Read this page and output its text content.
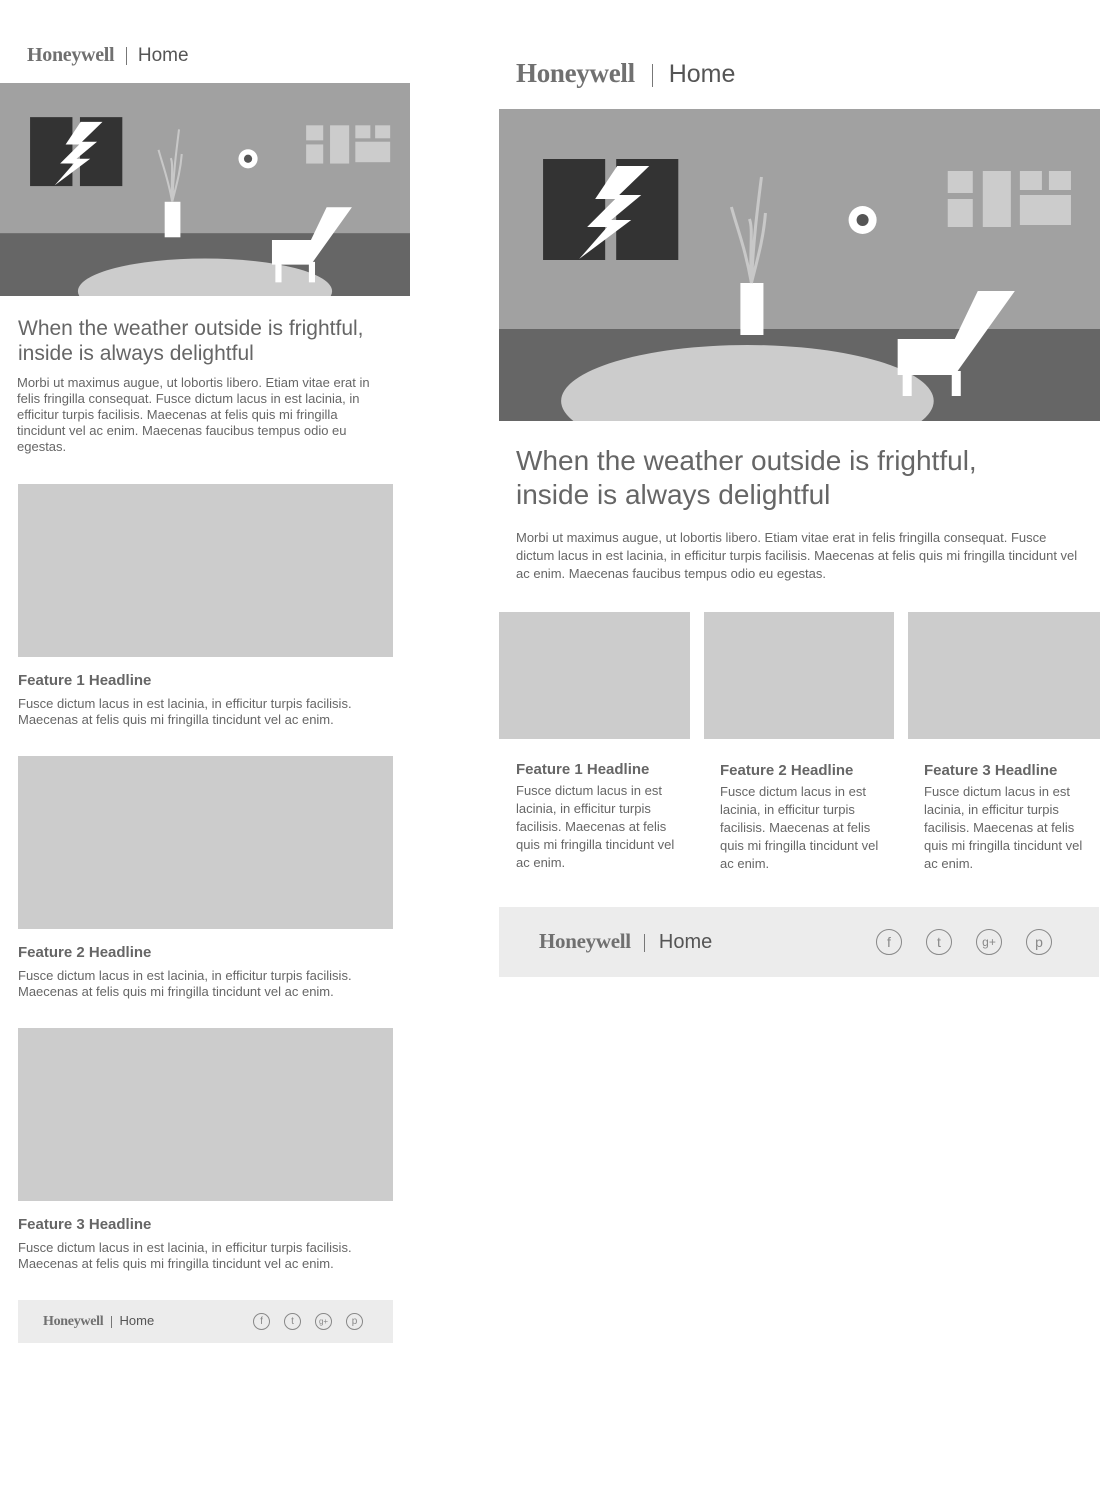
Honeywell Home
When the weather outside is frightful,
inside is always delightful

Morbi ut maximus augue, ut lobortis libero. Etiam vitae erat in felis fringilla consequat. Fusce dictum lacus in est lacinia, in efficitur turpis facilisis. Maecenas at felis quis mi fringilla tincidunt vel ac enim. Maecenas faucibus tempus odio eu egestas.

Feature 1 Headline

Fusce dictum lacus in est lacinia, in efficitur turpis facilisis. Maecenas at felis quis mi fringilla tincidunt vel ac enim.

Feature 2 Headline

Fusce dictum lacus in est lacinia, in efficitur turpis facilisis. Maecenas at felis quis mi fringilla tincidunt vel ac enim.

Feature 3 Headline

Fusce dictum lacus in est lacinia, in efficitur turpis facilisis. Maecenas at felis quis mi fringilla tincidunt vel ac enim.

Honeywell Home	f	t	g+	p
Honeywell Home
When the weather outside is frightful,
inside is always delightful

Morbi ut maximus augue, ut lobortis libero. Etiam vitae erat in felis fringilla consequat. Fusce dictum lacus in est lacinia, in efficitur turpis facilisis. Maecenas at felis quis mi fringilla tincidunt vel ac enim. Maecenas faucibus tempus odio eu egestas.

Feature 1 Headline

Fusce dictum lacus in est lacinia, in efficitur turpis facilisis. Maecenas at felis quis mi fringilla tincidunt vel ac enim.

Feature 2 Headline

Fusce dictum lacus in est lacinia, in efficitur turpis facilisis. Maecenas at felis quis mi fringilla tincidunt vel ac enim.

Feature 3 Headline

Fusce dictum lacus in est lacinia, in efficitur turpis facilisis. Maecenas at felis quis mi fringilla tincidunt vel ac enim.

Honeywell Home	f	t	g+	p
